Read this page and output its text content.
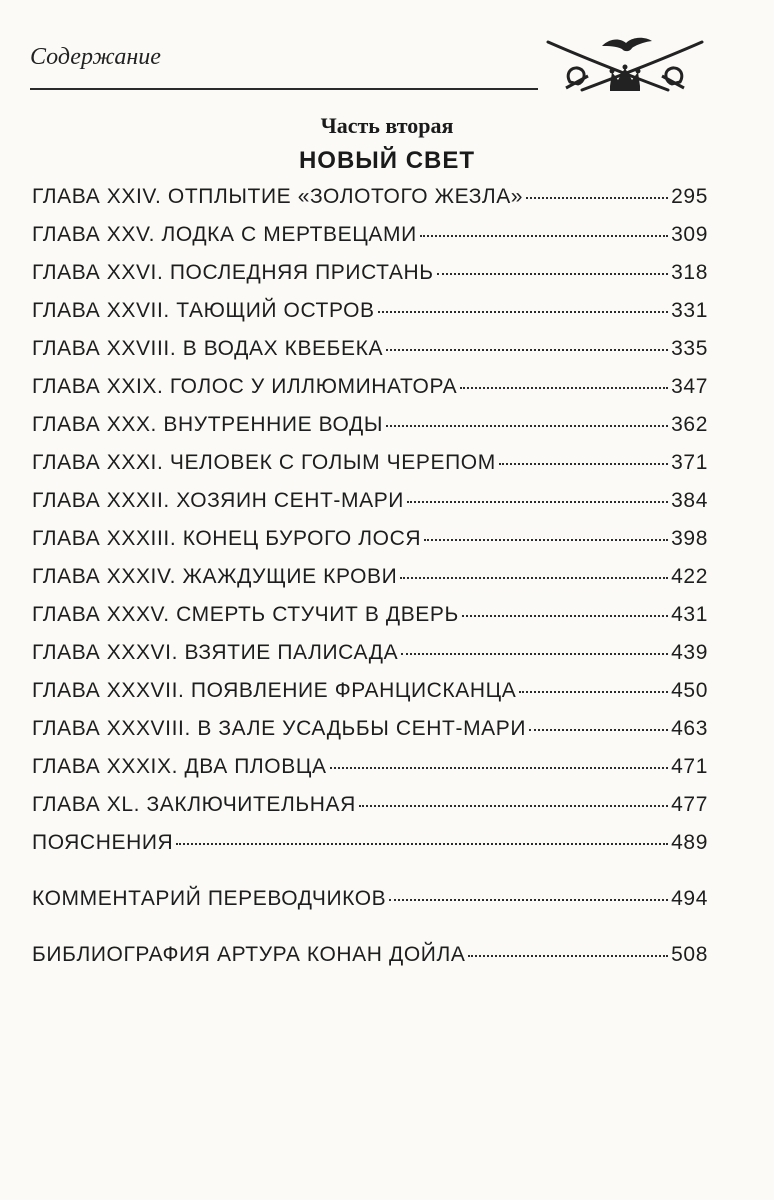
Содержание
Часть вторая
НОВЫЙ СВЕТ
ГЛАВА XXIV. ОТПЛЫТИЕ «ЗОЛОТОГО ЖЕЗЛА»	295
ГЛАВА XXV. ЛОДКА С МЕРТВЕЦАМИ	309
ГЛАВА XXVI. ПОСЛЕДНЯЯ ПРИСТАНЬ	318
ГЛАВА XXVII. ТАЮЩИЙ ОСТРОВ	331
ГЛАВА XXVIII. В ВОДАХ КВЕБЕКА	335
ГЛАВА XXIX. ГОЛОС У ИЛЛЮМИНАТОРА	347
ГЛАВА XXX. ВНУТРЕННИЕ ВОДЫ	362
ГЛАВА XXXI. ЧЕЛОВЕК С ГОЛЫМ ЧЕРЕПОМ	371
ГЛАВА XXXII. ХОЗЯИН СЕНТ-МАРИ	384
ГЛАВА XXXIII. КОНЕЦ БУРОГО ЛОСЯ	398
ГЛАВА XXXIV. ЖАЖДУЩИЕ КРОВИ	422
ГЛАВА XXXV. СМЕРТЬ СТУЧИТ В ДВЕРЬ	431
ГЛАВА XXXVI. ВЗЯТИЕ ПАЛИСАДА	439
ГЛАВА XXXVII. ПОЯВЛЕНИЕ ФРАНЦИСКАНЦА	450
ГЛАВА XXXVIII. В ЗАЛЕ УСАДЬБЫ СЕНТ-МАРИ	463
ГЛАВА XXXIX. ДВА ПЛОВЦА	471
ГЛАВА XL. ЗАКЛЮЧИТЕЛЬНАЯ	477
ПОЯСНЕНИЯ	489
КОММЕНТАРИЙ ПЕРЕВОДЧИКОВ	494
БИБЛИОГРАФИЯ АРТУРА КОНАН ДОЙЛА	508
